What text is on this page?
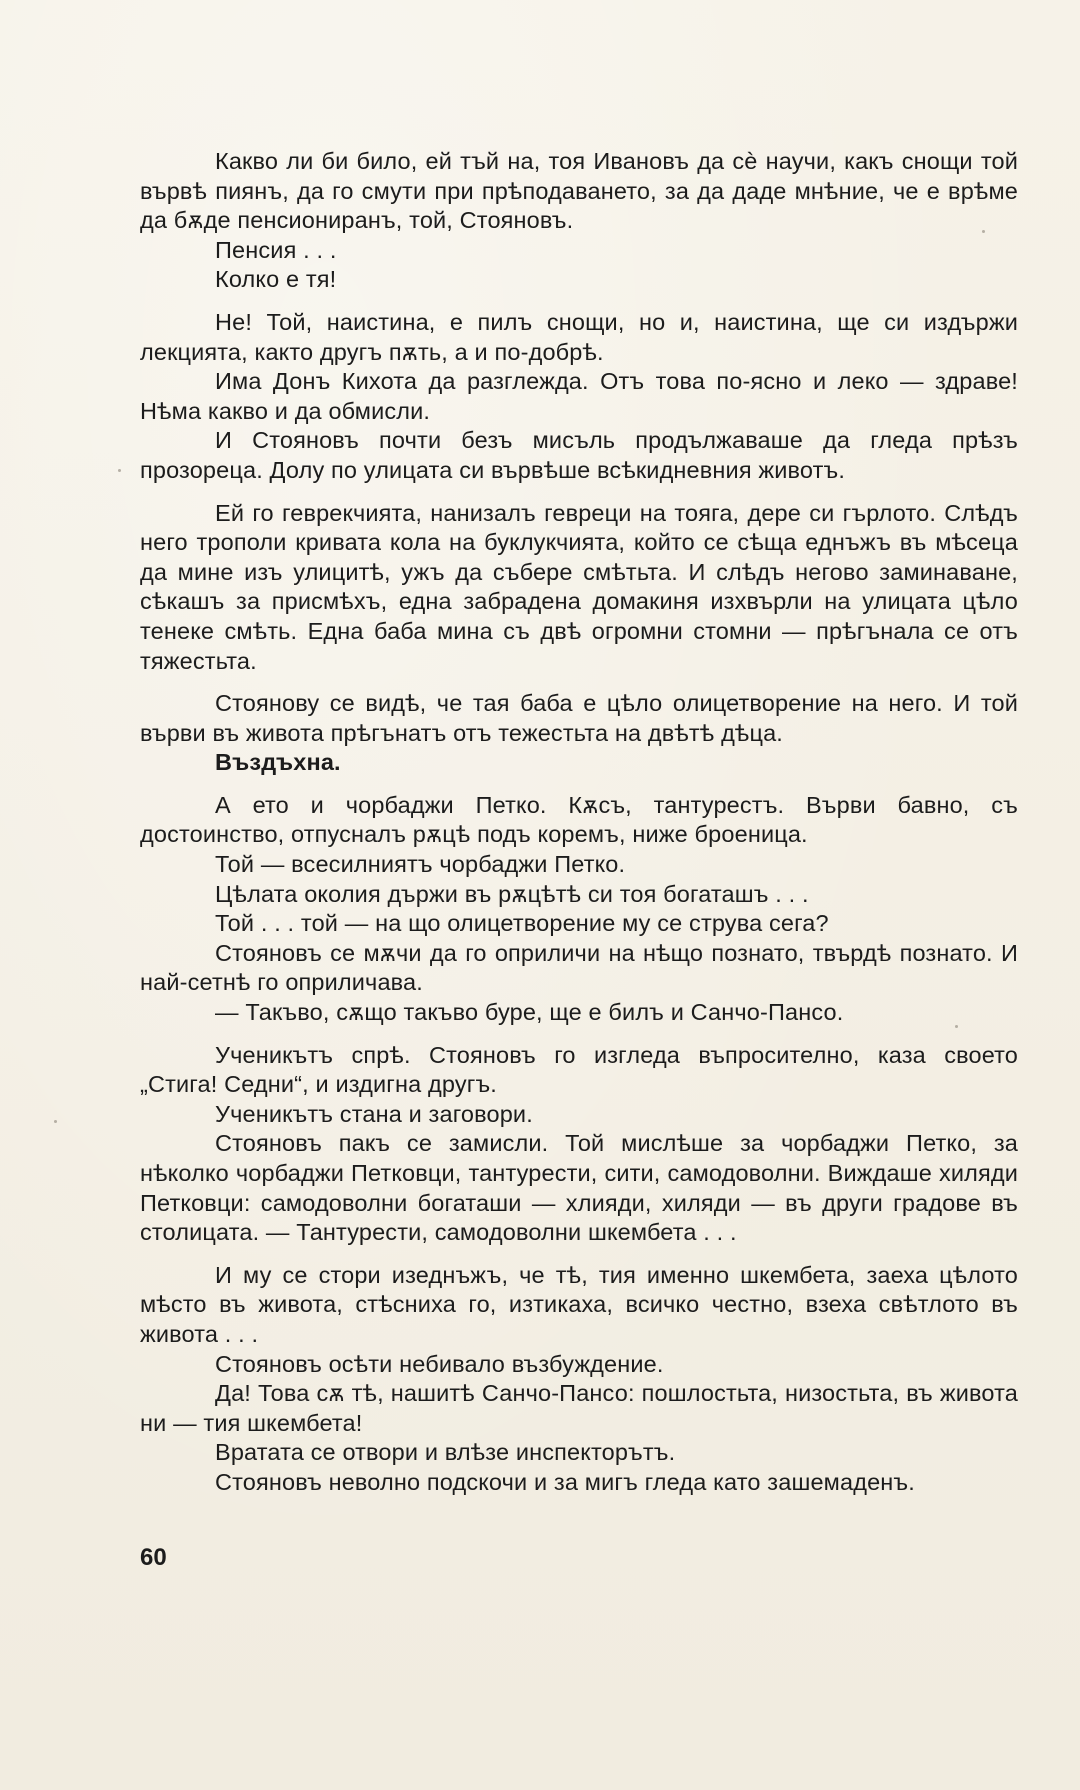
Какво ли би било, ей тъй на, тоя Ивановъ да сѐ научи, какъ снощи той вървѣ пиянъ, да го смути при прѣподаването, за да даде мнѣние, че е врѣме да бѫде пенсиониранъ, той, Стояновъ.

Пенсия . . .

Колко е тя!

Не! Той, наистина, е пилъ снощи, но и, наистина, ще си издържи лекцията, както другъ пѫть, а и по-добрѣ.

Има Донъ Кихота да разглежда. Отъ това по-ясно и леко — здраве! Нѣма какво и да обмисли.

И Стояновъ почти безъ мисъль продължаваше да гледа прѣзъ прозореца. Долу по улицата си вървѣше всѣкидневния животъ.

Ей го геврекчията, нанизалъ гевреци на тояга, дере си гърлото. Слѣдъ него трополи кривата кола на буклукчията, който се сѣща еднъжъ въ мѣсеца да мине изъ улицитѣ, ужъ да събере смѣтьта. И слѣдъ неговo заминаване, сѣкашъ за присмѣхъ, една забрадена домакиня изхвърли на улицата цѣло тенеке смѣть. Една баба мина съ двѣ огромни стомни — прѣгънала се отъ тяжестьта.

Стоянову се видѣ, че тая баба е цѣло олицетворение на него. И той върви въ живота прѣгънатъ отъ тежестьта на двѣтѣ дѣца.

Въздъхна.

А ето и чорбаджи Петко. Кѫсъ, тантурестъ. Върви бавно, съ достоинство, отпусналъ рѫцѣ подъ коремъ, ниже броеница.

Той — всесилниятъ чорбаджи Петко.

Цѣлата околия държи въ рѫцѣтѣ си тоя богаташъ . . .

Той . . . той — на що олицетворение му се струва сега?

Стояновъ се мѫчи да го оприличи на нѣщо познато, твърдѣ познато. И най-сетнѣ го оприличава.

— Такъво, сѫщо такъво буре, ще е билъ и Санчо-Пансо.

Ученикътъ спрѣ. Стояновъ го изгледа въпросително, каза своето „Стига! Седни“, и издигна другъ.

Ученикътъ стана и заговори.

Стояновъ пакъ се замисли. Той мислѣше за чорбаджи Петко, за нѣколко чорбаджи Петковци, тантурести, сити, самодоволни. Виждаше хиляди Петковци: самодоволни богаташи — хлияди, хиляди — въ други градове въ столицата. — Тантурести, самодоволни шкембета . . .

И му се стори изеднъжъ, че тѣ, тия именно шкембета, заеха цѣлото мѣсто въ живота, стѣсниха го, изтикаха, всичко честно, взеха свѣтлото въ живота . . .

Стояновъ осѣти небивало възбуждение.

Да! Това сѫ тѣ, нашитѣ Санчо-Пансо: пошлостьта, низостьта, въ живота ни — тия шкембета!

Вратата се отвори и влѣзе инспекторътъ.

Стояновъ неволно подскочи и за мигъ гледа като зашемаденъ.

60
